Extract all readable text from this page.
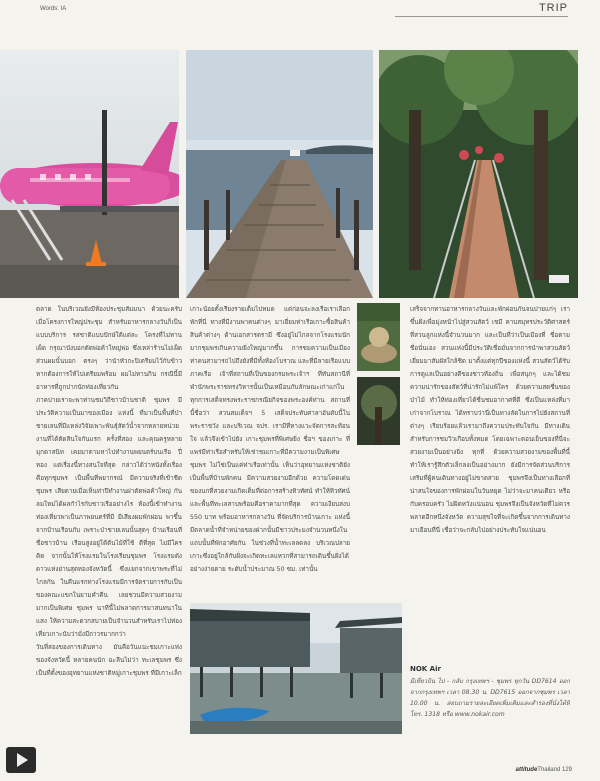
Words: IA	TRIP

ตลาด ในบริเวณยังมีห้องประชุมสัมมนา ด้วยนะครับ เมื่อโครงการใหญ่ประชุม สำหรับอาหารกลางวันก็เป็นแบบบริการ รสชาติแบบปักษ์ใต้แต่ละ โครงที่ไม่ทาน เผ็ด กรุณาบังบอกตัดพ่อค้าใหญ่พ่อ ซึ่งเหล่าร้านไม่เผ็ด ส่วนผมนั้นบอก ตรงๆ ว่านำหัวกะปิเตรียมไว้กับข้าว หากต้องการให้ไปเตรียมพร้อม ผมไม่ทานกิน กรณีนี้มีอาหารที่ถูกปากนักท่องเที่ยวกัน

ภาคบ่ายเราจะพาท่านชมวิถีชาวบ้านชาติ ชุมพร มีประวัติความเป็นมาของเมือง แห่งนี้ ที่มาเป็นพื้นที่ป่าชายเลนที่มีแหล่งวิจัยเพาะพันธุ์สัตว์น้ำจากหลายหน่วยงานที่ได้ตัดสินใจกันแรก ครั้งที่สอง และคุณครูหลาย มุกดาสนิท เคยมาตามหาไปทำงานพยนตร์บนเรือ ปี่ทอง แต่เรื่องนี้ทางสนใจที่สุด กล่าวได้ว่าหนังทั้งเรื่อง คือทุกชุมพร เป็นพื้นที่พยากรณ์ มีความจริงที่เข้าชีดชุมพร เสียดายเมื่อเห็นท่าปีทำงานผ่าตัดพ่อค้าใหญ่ กันลมใหม่ได้ผลกำไรกับชาวเรืออย่างไร ห้องนี้เข้าทำงาน ท่องเที่ยวพาเป็นภาพยนตร์ที่มี มีเสียงผมพักผ่อน พาขึ้นจากบ้านเรือนกับ เพราะป่าชายเลนนั้นสุดๆ บ้านเรือนที่ ชื่อชาวบ้าน เรือนสูงอยู่ใต้ต้นไม้ที่ใช้ ดีที่สุด ไม่มีใครคิด จากนั้นให้โรงแรมในโรงเรียนชุมพร โรงแรมดังดาวแห่งย่านสุดทองจังหวัดนี้ ซึ่งแยกจากเขาพระที่ไม่ไกลกัน ในคืนแรกทางโรงแรมมีการจัดรายการกับเป็นของคณะแขกในยามค่ำคืน เลยชวนมีความสวยงามมากเป็นพิเศษ ชุมพร นาทีนี้ไม่พลาดการมาสนทนาในแสง ให้ความสะดวกสบายเป็นจำนวนสำหรับเราไปท่องเที่ยวเกาะนับว่ามั่งมีถาวรมากกว่า

วันที่สองของการเดินทาง มันคือวันแนะชมเกาะแห่งของจังหวัดนี้ หลายคนนัก ฉะลีนไม่ว่า ทะเลชุมพร ซึ่งเป็นที่ตั้งของอุทยานแห่งชาติหมู่เกาะชุมพร ที่มีเกาะเล็ก

เกาะน้อยตั้งเรียงรายเต็มไปหมด แต่ก่อนจะลงเรือเราเลือกพักที่นี่ ทางที่มีงานพาคนต่างๆ มาเยี่ยมท่าเรือเกาะซื้อสินค้าสินค้าต่างๆ ด้านเอกสารตรามี ซึ่งอยู่ไม่ไกลจากโรงแรมนัก มากชุมพรเกินความยิ่งใหญ่มากขึ้น การชมความเป็นเมืองท่าคนสามารถไปถึงยังที่มีทั้งห้องโบราณ และที่มีลายเรือแบบภาคเรือ เจ้าที่สถานที่เป็นของกรมพระเจ้าฯ ที่ทันสถานีที่พำนักพระราชทรงวิหารนั้นเป็นเหมือนกับลักษณะเก่าแก่ในทุกการเสด็จทรงพระราชกรณียกิจของพระองค์ท่าน สถานที่นี้ชื่อว่า สวนสมเด็จฯ 5 เสด็จประทับศาลาอันดับนี้ในพระราชวัง และบริเวณ จปร. เรามีที่ทางแวะจัดการสะท้อนใจ แล้วจึงเข้าไปยัง เกาะชุมพรที่พิเศษยิ่ง ชื่อฯ ของเกาะ ที่แพร่มีท่าเรือสำหรับให้เช่าชมเกาะที่มีความงามเป็นพิเศษ ชุมพร ไม่ใช่เป็นแค่ท่าเรือเท่านั้น เห็นว่าอุทยานแห่งชาติยังเป็นพื้นที่บ้านพักคน มีความสวยงามอีกด้วย ความโดดเด่นของนกที่สวยงามเกิดเต็มที่ต่อการสร้างทิวทัศน์ ทำให้ทิวทัศน์และพื้นที่ทะเลสาบพร้อมคือราคามากที่สุด ความเงียบสงบ 550 บาท พร้อมอาหารกลางวัน ที่จัดบริการบ้านเกาะ แห่งนี้มีตลาดน้ำที่จำหน่ายของฝากนั้นมีชาวประมงจำนวนหนึ่งในแถบนั้นที่พักอาศัยกัน ในช่วงที่น้ำทะเลลดลง บริเวณปลายเกาะซึ่งอยู่ใกล้กับฝั่งจะเกิดทะเลแหวกที่สามารถเดินขึ้นฝั่งได้อย่างง่ายดาย ระดับน้ำประมาณ 50 ซม. เท่านั้น

เสร็จจากทานอาหารกลางวันและพักผ่อนกันจนบ่ายแก่ๆ เราขึ้นฝั่งเพื่อมุ่งหน้าไปสู่สวนสัตว์ เชมี คาบสมุทรประวัติศาสตร์ที่สวนลูกแห่งนี้จำนวนมาก และเป็นที่ว่าเป็นเมืองที่ ชื่อตามชื่อนั่นเอง สวนแห่งนี้มีประวัติเชื่อมั่นจากการนำพาสวนสัตว์เยี่ยมมาสัมผัสใกล้ชิด มาตั้งแต่ทุกปีของแห่งนี้ สวนสัตว์ได้รับการดูแลเป็นอย่างดีของชาวท้องถิ่น เพื่อสนุกๆ และได้ชมความน่ารักของสัตว์ที่น่ารักไม่แพ้ใคร ด้วยความสดชื่นของป่าไม้ ทำให้ท่องเที่ยวได้ชื่นชมอากาศที่ดี ซึ่งเป็นแหล่งที่มาเก่าจากโบราณ ได้ทราบว่านี่เป็นทางลัดในการไปยังสถานที่ต่างๆ เรียบร้อยแล้วเรามาถึงความประทับใจกัน มีทางเดินสำหรับการชมวิวเกือบทั้งหมด โดยเฉพาะตอนเย็นของที่นี่จะสวยงามเป็นอย่างยิ่ง ทุกที่ ด้วยความสวยงามของพื้นที่นี้ทำให้เรารู้สึกตัวเล็กลงเป็นอย่างมาก ยังมีการจัดส่วนบริการเสริมที่ผู้คนเดินทางอยู่ไม่ขาดสาย ชุมพรจึงเป็นทางเลือกที่น่าสนใจของการพักผ่อนในวันหยุด ไม่ว่าจะมาคนเดียว หรือกับครอบครัว ไม่ผิดหวังแน่นอน ชุมพรจึงเป็นจังหวัดที่ไม่ควรพลาดอีกหนึ่งจังหวัด ความสุขใจที่จะเกิดขึ้นจากการเดินทางมาเยือนที่นี่ เชื่อว่าจะกลับไปอย่างประทับใจแน่นอน

NOK Air
มีเที่ยวบิน ไป - กลับ กรุงเทพฯ - ชุมพร ทุกวัน DD7614 ออกจากกรุงเทพฯ เวลา 08.30 น. DD7615 ออกจากชุมพร เวลา 10.00 น. สอบถามรายละเอียดเพิ่มเติมและสำรองที่นั่งได้ที่ โทร. 1318 หรือ www.nokair.com
attitudeThailand 129
